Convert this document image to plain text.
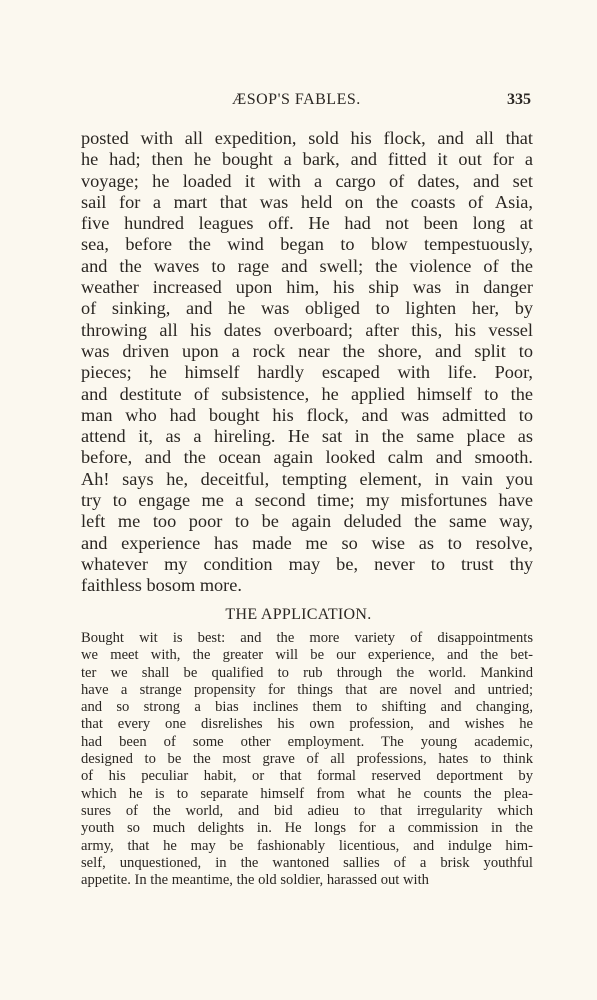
ÆSOP'S FABLES.	335
posted with all expedition, sold his flock, and all that
he had; then he bought a bark, and fitted it out for a
voyage; he loaded it with a cargo of dates, and set
sail for a mart that was held on the coasts of Asia,
five hundred leagues off. He had not been long at
sea, before the wind began to blow tempestuously,
and the waves to rage and swell; the violence of the
weather increased upon him, his ship was in danger
of sinking, and he was obliged to lighten her, by
throwing all his dates overboard; after this, his vessel
was driven upon a rock near the shore, and split to
pieces; he himself hardly escaped with life. Poor,
and destitute of subsistence, he applied himself to the
man who had bought his flock, and was admitted to
attend it, as a hireling. He sat in the same place as
before, and the ocean again looked calm and smooth.
Ah! says he, deceitful, tempting element, in vain you
try to engage me a second time; my misfortunes have
left me too poor to be again deluded the same way,
and experience has made me so wise as to resolve,
whatever my condition may be, never to trust thy
faithless bosom more.
THE APPLICATION.
Bought wit is best: and the more variety of disappointments
we meet with, the greater will be our experience, and the bet-
ter we shall be qualified to rub through the world. Mankind
have a strange propensity for things that are novel and untried;
and so strong a bias inclines them to shifting and changing,
that every one disrelishes his own profession, and wishes he
had been of some other employment. The young academic,
designed to be the most grave of all professions, hates to think
of his peculiar habit, or that formal reserved deportment by
which he is to separate himself from what he counts the plea-
sures of the world, and bid adieu to that irregularity which
youth so much delights in. He longs for a commission in the
army, that he may be fashionably licentious, and indulge him-
self, unquestioned, in the wantoned sallies of a brisk youthful
appetite. In the meantime, the old soldier, harassed out with
